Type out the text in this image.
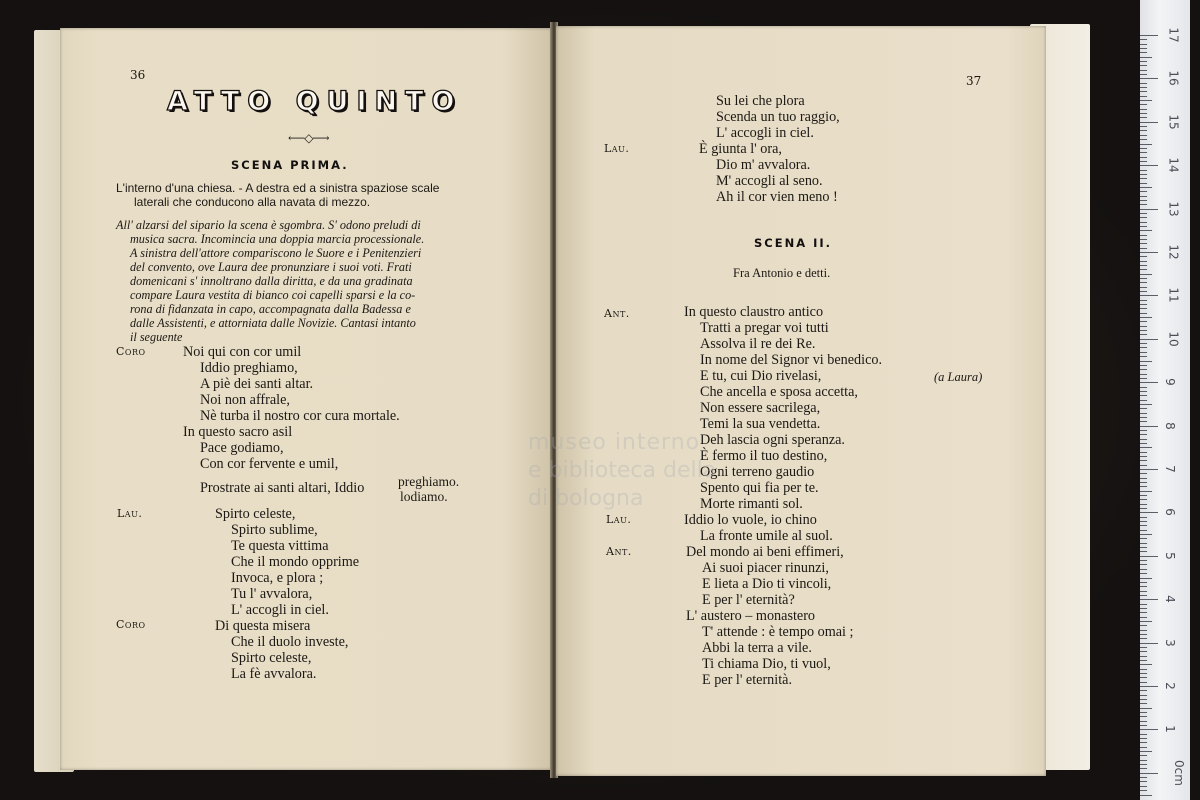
36
ATTO QUINTO
⟵◇⟶
SCENA PRIMA.
L'interno d'una chiesa. - A destra ed a sinistra spaziose scale
laterali che conducono alla navata di mezzo.
All' alzarsi del sipario la scena è sgombra. S' odono preludi di
musica sacra. Incomincia una doppia marcia processionale.
A sinistra dell'attore compariscono le Suore e i Penitenzieri
del convento, ove Laura dee pronunziare i suoi voti. Frati
domenicani s' innoltrano dalla diritta, e da una gradinata
compare Laura vestita di bianco coi capelli sparsi e la co-
rona di fidanzata in capo, accompagnata dalla Badessa e
dalle Assistenti, e attorniata dalle Novizie. Cantasi intanto
il seguente
Coro	Noi qui con cor umil
Iddio preghiamo,
A piè dei santi altar.
Noi non affrale,
Nè turba il nostro cor cura mortale.
In questo sacro asil
Pace godiamo,
Con cor fervente e umil,
Prostrate ai santi altari, Iddio preghiamo.
lodiamo.
Lau.	Spirto celeste,
Spirto sublime,
Te questa vittima
Che il mondo opprime
Invoca, e plora ;
Tu l' avvalora,
L' accogli in ciel.
Coro	Di questa misera
Che il duolo investe,
Spirto celeste,
La fè avvalora.
37
Su lei che plora
Scenda un tuo raggio,
L' accogli in ciel.
Lau.	È giunta l' ora,
Dio m' avvalora.
M' accogli al seno.
Ah il cor vien meno !
SCENA II.
Fra Antonio e detti.
Ant.	In questo claustro antico
Tratti a pregar voi tutti
Assolva il re dei Re.
In nome del Signor vi benedico.
E tu, cui Dio rivelasi,	(a Laura)
Che ancella e sposa accetta,
Non essere sacrilega,
Temi la sua vendetta.
Deh lascia ogni speranza.
È fermo il tuo destino,
Ogni terreno gaudio
Spento qui fia per te.
Morte rimanti sol.
Lau.	Iddio lo vuole, io chino
La fronte umile al suol.
Ant.	Del mondo ai beni effimeri,
Ai suoi piacer rinunzi,
E lieta a Dio ti vincoli,
E per l' eternità?
L' austero – monastero
T' attende : è tempo omai ;
Abbi la terra a vile.
Ti chiama Dio, ti vuol,
E per l' eternità.
museo interno
e biblioteca della
di bologna
17
16
15
14
13
12
11
10
9
8
7
6
5
4
3
2
1
0cm
